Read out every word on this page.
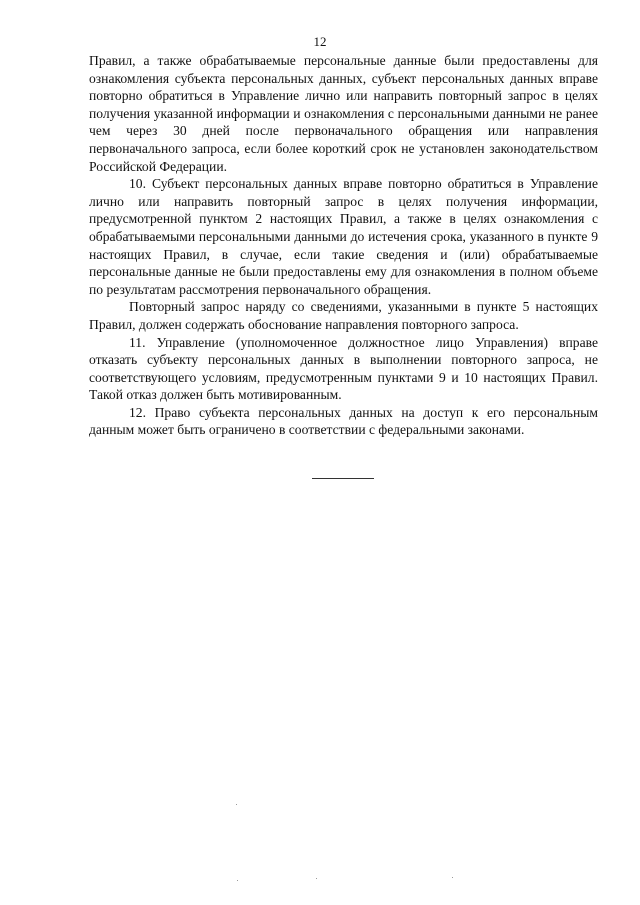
12

Правил, а также обрабатываемые персональные данные были предоставлены для ознакомления субъекта персональных данных, субъект персональных данных вправе повторно обратиться в Управление лично или направить повторный запрос в целях получения указанной информации и ознакомления с персональными данными не ранее чем через 30 дней после первоначального обращения или направления первоначального запроса, если более короткий срок не установлен законодательством Российской Федерации.

10. Субъект персональных данных вправе повторно обратиться в Управление лично или направить повторный запрос в целях получения информации, предусмотренной пунктом 2 настоящих Правил, а также в целях ознакомления с обрабатываемыми персональными данными до истечения срока, указанного в пункте 9 настоящих Правил, в случае, если такие сведения и (или) обрабатываемые персональные данные не были предоставлены ему для ознакомления в полном объеме по результатам рассмотрения первоначального обращения.

Повторный запрос наряду со сведениями, указанными в пункте 5 настоящих Правил, должен содержать обоснование направления повторного запроса.

11. Управление (уполномоченное должностное лицо Управления) вправе отказать субъекту персональных данных в выполнении повторного запроса, не соответствующего условиям, предусмотренным пунктами 9 и 10 настоящих Правил. Такой отказ должен быть мотивированным.

12. Право субъекта персональных данных на доступ к его персональным данным может быть ограничено в соответствии с федеральными законами.
